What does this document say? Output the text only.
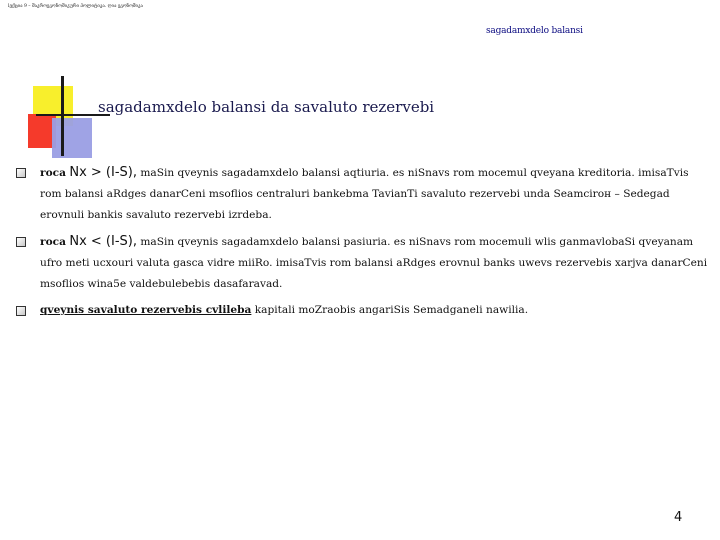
lექცია 9 – მაკროეკონომიკური პოლიტიკა. ღია ეკონომიკა
sagadamxdelo balansi
sagadamxdelo balansi da savaluto rezervebi
roca Nx > (I-S), maSin qveynis sagadamxdelo balansi aqtiuria. es niSnavs rom mocemul qveyana kreditoria. imisaTvis rom balansi aRdges danarCeni msoflios centraluri bankebma TavianTi savaluto rezervebi unda Seamcirон – Sedegad erovnuli bankis savaluto rezervebi izrdeba.
roca Nx < (I-S), maSin qveynis sagadamxdelo balansi pasiuria. es niSnavs rom mocemuli wlis ganmavlobaSi qveyanam ufro meti ucxouri valuta gasca vidre miiRo. imisaTvis rom balansi aRdges erovnul banks uwevs rezervebis xarjva danarCeni msoflios wina5e valdebulebebis dasafaravad.
qveynis savaluto rezervebis cvlileba kapitali moZraobis angariSis Semadganeli nawilia.
4
